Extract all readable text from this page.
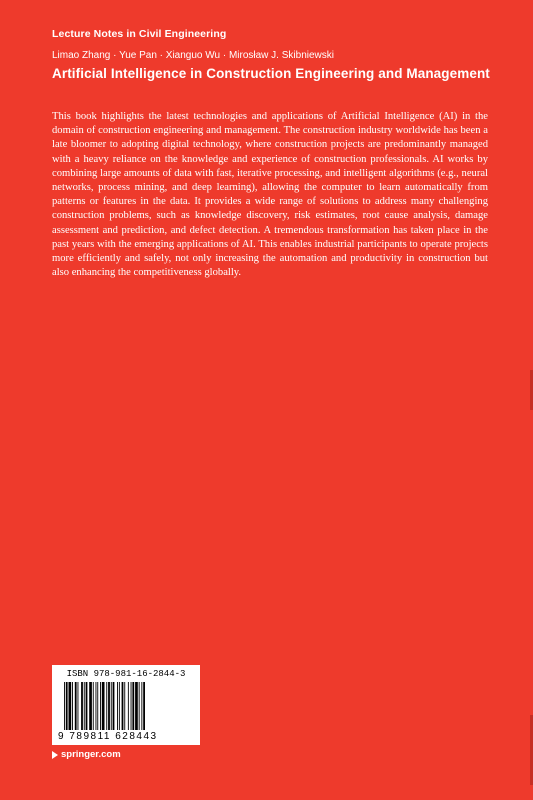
Lecture Notes in Civil Engineering
Limao Zhang · Yue Pan · Xianguo Wu · Mirosław J. Skibniewski
Artificial Intelligence in Construction Engineering and Management

This book highlights the latest technologies and applications of Artificial Intelligence (AI) in the domain of construction engineering and management. The construction industry worldwide has been a late bloomer to adopting digital technology, where construction projects are predominantly managed with a heavy reliance on the knowledge and experience of construction professionals. AI works by combining large amounts of data with fast, iterative processing, and intelligent algorithms (e.g., neural networks, process mining, and deep learning), allowing the computer to learn automatically from patterns or features in the data. It provides a wide range of solutions to address many challenging construction problems, such as knowledge discovery, risk estimates, root cause analysis, damage assessment and prediction, and defect detection. A tremendous transformation has taken place in the past years with the emerging applications of AI. This enables industrial participants to operate projects more efficiently and safely, not only increasing the automation and productivity in construction but also enhancing the competitiveness globally.

ISBN 978-981-16-2844-3
9 789811 628443
springer.com
